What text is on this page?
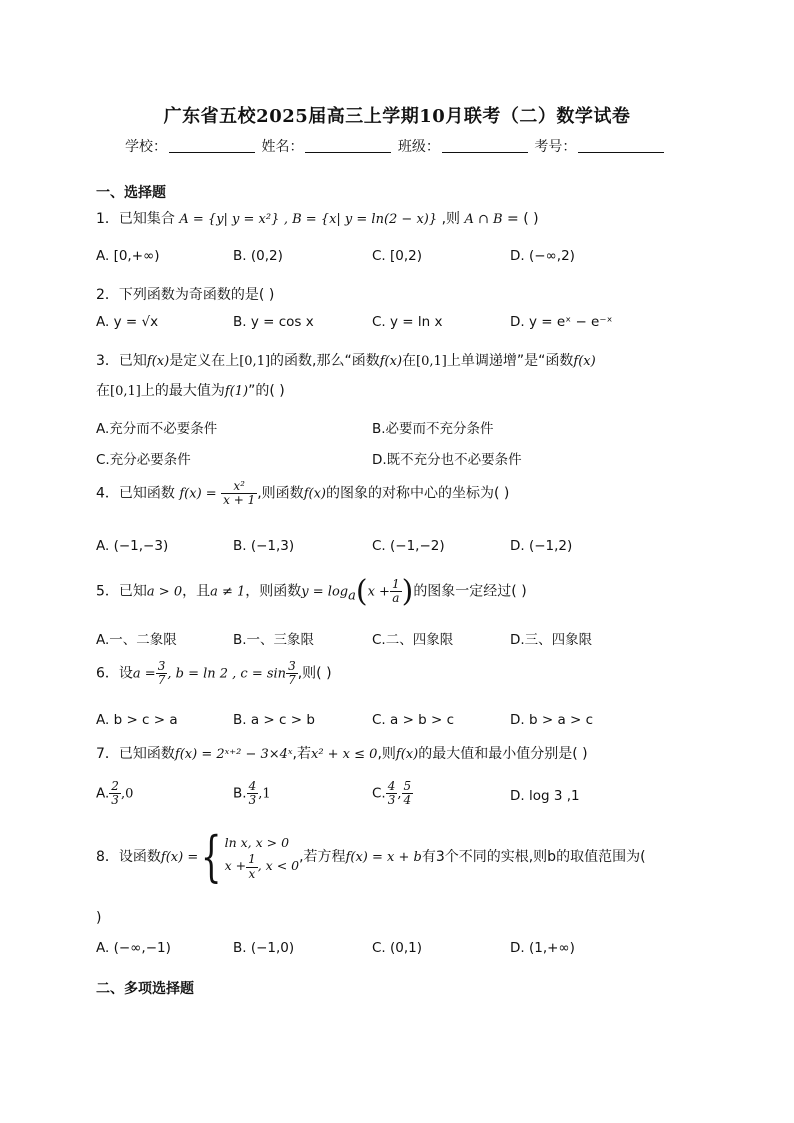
广东省五校2025届高三上学期10月联考（二）数学试卷
学校：	姓名：	班级：	考号：
一、选择题
1．已知集合 A = {y| y = x²} , B = {x| y = ln(2 − x)} ,则 A ∩ B = ( )
A. [0,+∞)	B. (0,2)	C. [0,2)	D. (−∞,2)
2．下列函数为奇函数的是( )
A. y = √x	B. y = cos x	C. y = ln x	D. y = eˣ − e⁻ˣ
3．已知f(x)是定义在上[0,1]的函数,那么“函数f(x)在[0,1]上单调递增”是“函数f(x)
在[0,1]上的最大值为f(1)”的( )
A.充分而不必要条件	B.必要而不充分条件
C.充分必要条件	D.既不充分也不必要条件
4．已知函数 $f(x) = \frac{\text{x²}}{x + 1}$ ,则函数f(x)的图象的对称中心的坐标为( )
A. (−1,−3)	B. (−1,3)	C. (−1,−2)	D. (−1,2)
5．已知a > 0，且a ≠ 1，则函数$y = \log_a(x + \frac{1}{a}$ )的图象一定经过( )
A.一、二象限	B.一、三象限	C.二、四象限	D.三、四象限
6．设$a = \frac{3}{7}$ , b = ln 2 , $c = \sin \frac{3}{7}$ ,则( )
A. b > c > a	B. a > c > b	C. a > b > c	D. b > a > c
7．已知函数f(x) = 2ˣ⁺² − 3×4ˣ,若x² + x ≤ 0,则f(x)的最大值和最小值分别是( )
A. $\frac{2}{3} ,0$	B. $\frac{4}{3} ,1$	C. $\frac{4}{3}$ , $\frac{5}{4}$	D. log 3 ,1
8．设函数f(x) ={ ln x, x > 0
$x + \frac{1}{x}$ , x < 0
,若方程f(x) = x + b有3个不同的实根,则b的取值范围为(
)
A. (−∞,−1)	B. (−1,0)	C. (0,1)	D. (1,+∞)
二、多项选择题
